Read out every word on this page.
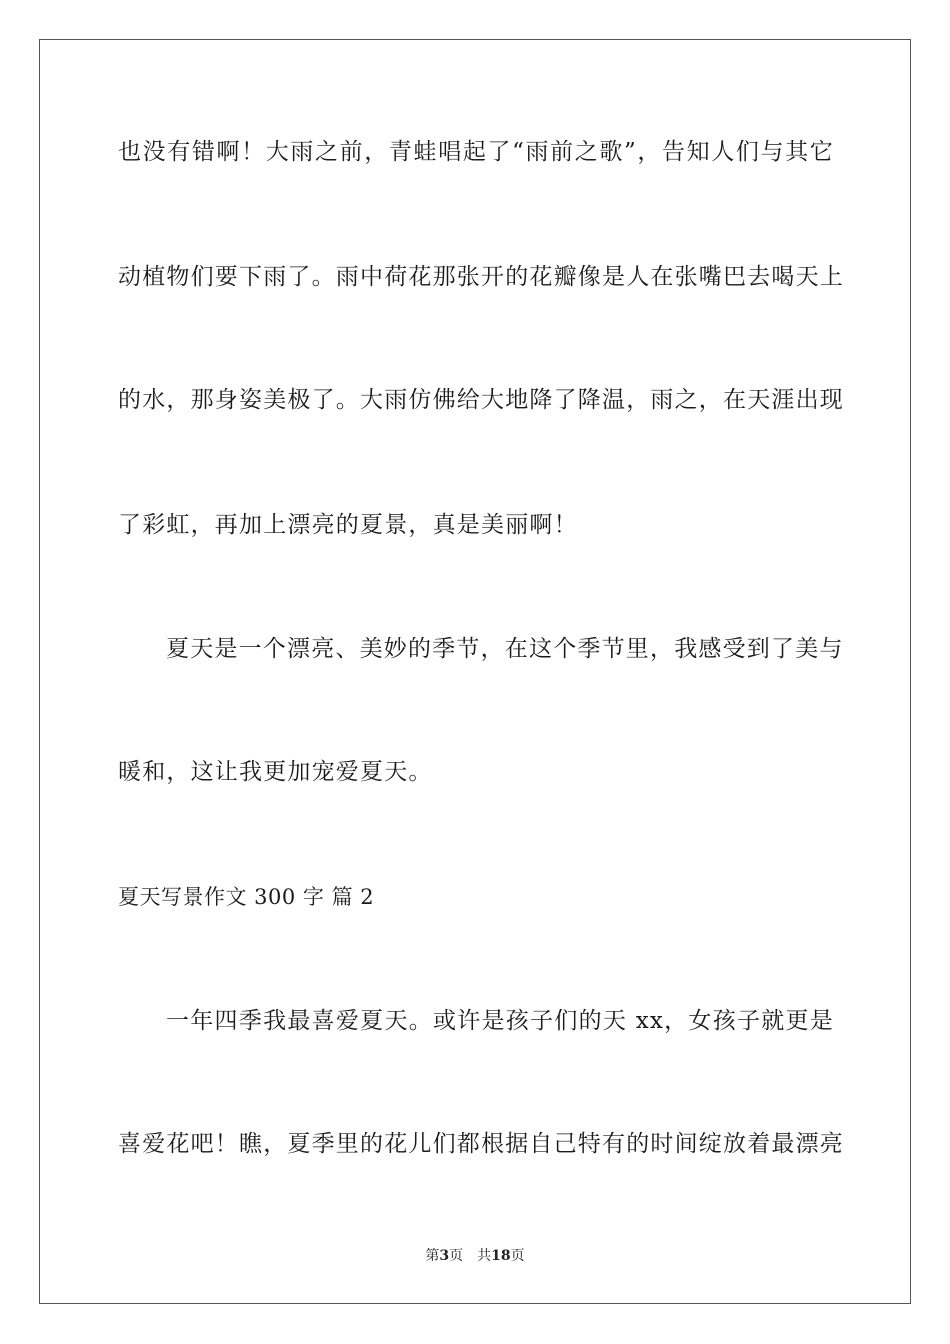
也没有错啊！大雨之前，青蛙唱起了“雨前之歌”，告知人们与其它
动植物们要下雨了。雨中荷花那张开的花瓣像是人在张嘴巴去喝天上
的水，那身姿美极了。大雨仿佛给大地降了降温，雨之，在天涯出现
了彩虹，再加上漂亮的夏景，真是美丽啊！
夏天是一个漂亮、美妙的季节，在这个季节里，我感受到了美与
暖和，这让我更加宠爱夏天。
夏天写景作文 300 字 篇 2
一年四季我最喜爱夏天。或许是孩子们的天 xx，女孩子就更是
喜爱花吧！瞧，夏季里的花儿们都根据自己特有的时间绽放着最漂亮
第3页 共18页
